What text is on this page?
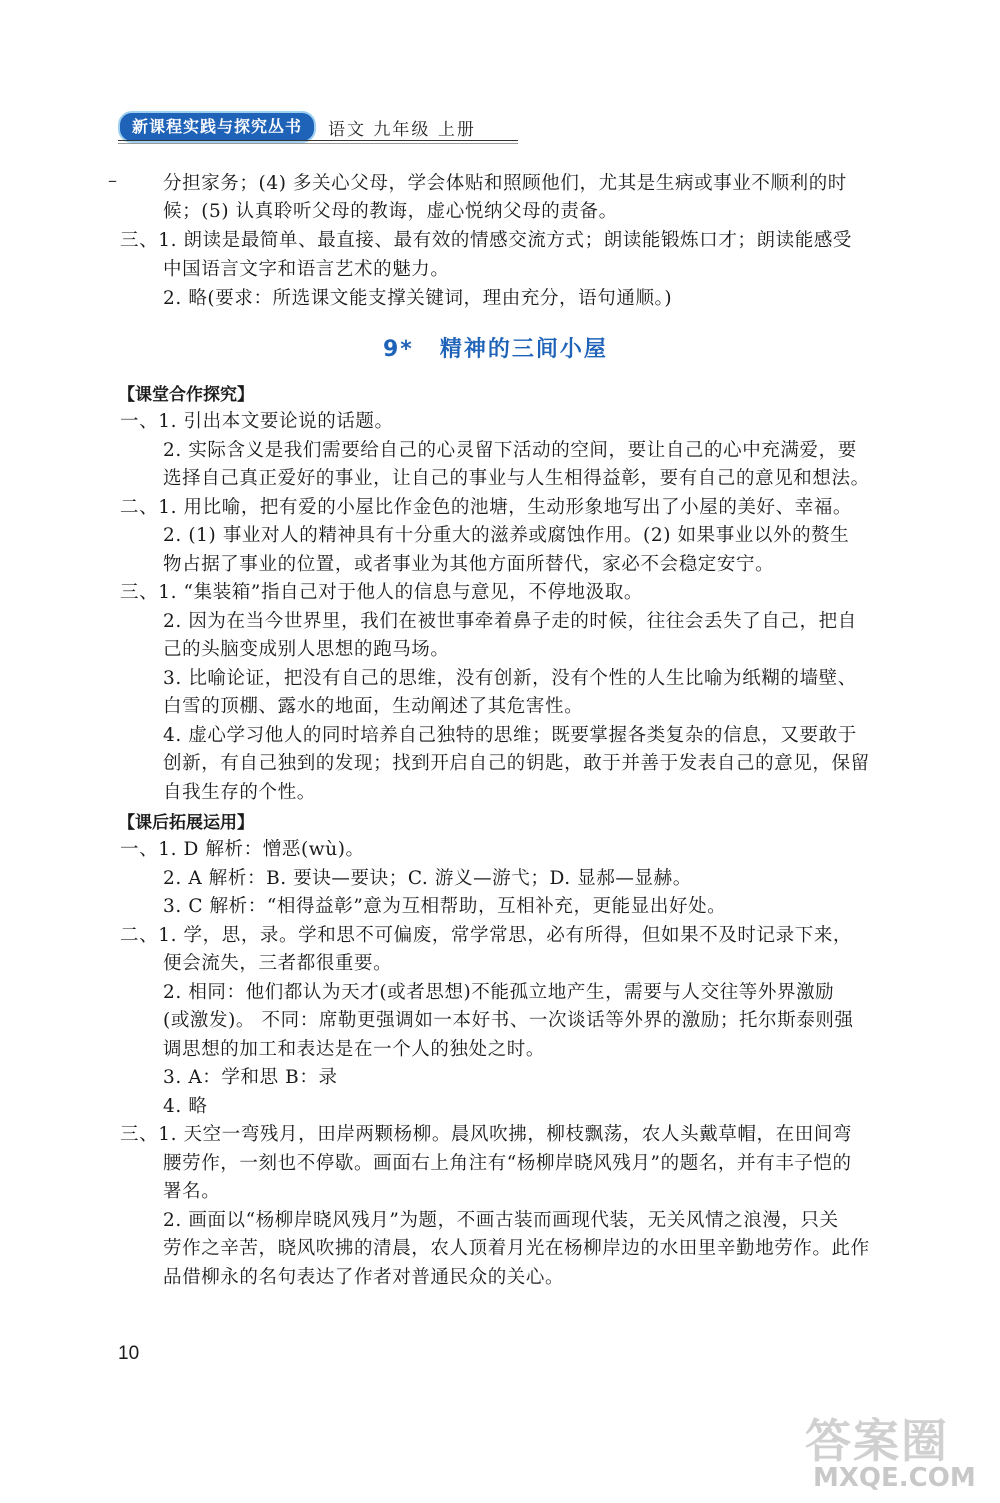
新课程实践与探究丛书	语文 九年级 上册
– 分担家务；(4) 多关心父母，学会体贴和照顾他们，尤其是生病或事业不顺利的时
候；(5) 认真聆听父母的教诲，虚心悦纳父母的责备。
三、1. 朗读是最简单、最直接、最有效的情感交流方式；朗读能锻炼口才；朗读能感受
中国语言文字和语言艺术的魅力。
2. 略(要求：所选课文能支撑关键词，理由充分，语句通顺。)
9* 精神的三间小屋
【课堂合作探究】
一、1. 引出本文要论说的话题。
2. 实际含义是我们需要给自己的心灵留下活动的空间，要让自己的心中充满爱，要
选择自己真正爱好的事业，让自己的事业与人生相得益彰，要有自己的意见和想法。
二、1. 用比喻，把有爱的小屋比作金色的池塘，生动形象地写出了小屋的美好、幸福。
2. (1) 事业对人的精神具有十分重大的滋养或腐蚀作用。(2) 如果事业以外的赘生
物占据了事业的位置，或者事业为其他方面所替代，家必不会稳定安宁。
三、1. “集装箱”指自己对于他人的信息与意见，不停地汲取。
2. 因为在当今世界里，我们在被世事牵着鼻子走的时候，往往会丢失了自己，把自
己的头脑变成别人思想的跑马场。
3. 比喻论证，把没有自己的思维，没有创新，没有个性的人生比喻为纸糊的墙壁、
白雪的顶棚、露水的地面，生动阐述了其危害性。
4. 虚心学习他人的同时培养自己独特的思维；既要掌握各类复杂的信息，又要敢于
创新，有自己独到的发现；找到开启自己的钥匙，敢于并善于发表自己的意见，保留
自我生存的个性。
【课后拓展运用】
一、1. D 解析：憎恶(wù)。
2. A 解析：B. 要诀—要诀；C. 游义—游弋；D. 显郝—显赫。
3. C 解析：“相得益彰”意为互相帮助，互相补充，更能显出好处。
二、1. 学，思，录。学和思不可偏废，常学常思，必有所得，但如果不及时记录下来，
便会流失，三者都很重要。
2. 相同：他们都认为天才(或者思想)不能孤立地产生，需要与人交往等外界激励
(或激发)。 不同：席勒更强调如一本好书、一次谈话等外界的激励；托尔斯泰则强
调思想的加工和表达是在一个人的独处之时。
3. A：学和思 B：录
4. 略
三、1. 天空一弯残月，田岸两颗杨柳。晨风吹拂，柳枝飘荡，农人头戴草帽，在田间弯
腰劳作，一刻也不停歇。画面右上角注有“杨柳岸晓风残月”的题名，并有丰子恺的
署名。
2. 画面以“杨柳岸晓风残月”为题，不画古装而画现代装，无关风情之浪漫，只关
劳作之辛苦，晓风吹拂的清晨，农人顶着月光在杨柳岸边的水田里辛勤地劳作。此作
品借柳永的名句表达了作者对普通民众的关心。
10
答案圈
MXQE.COM
